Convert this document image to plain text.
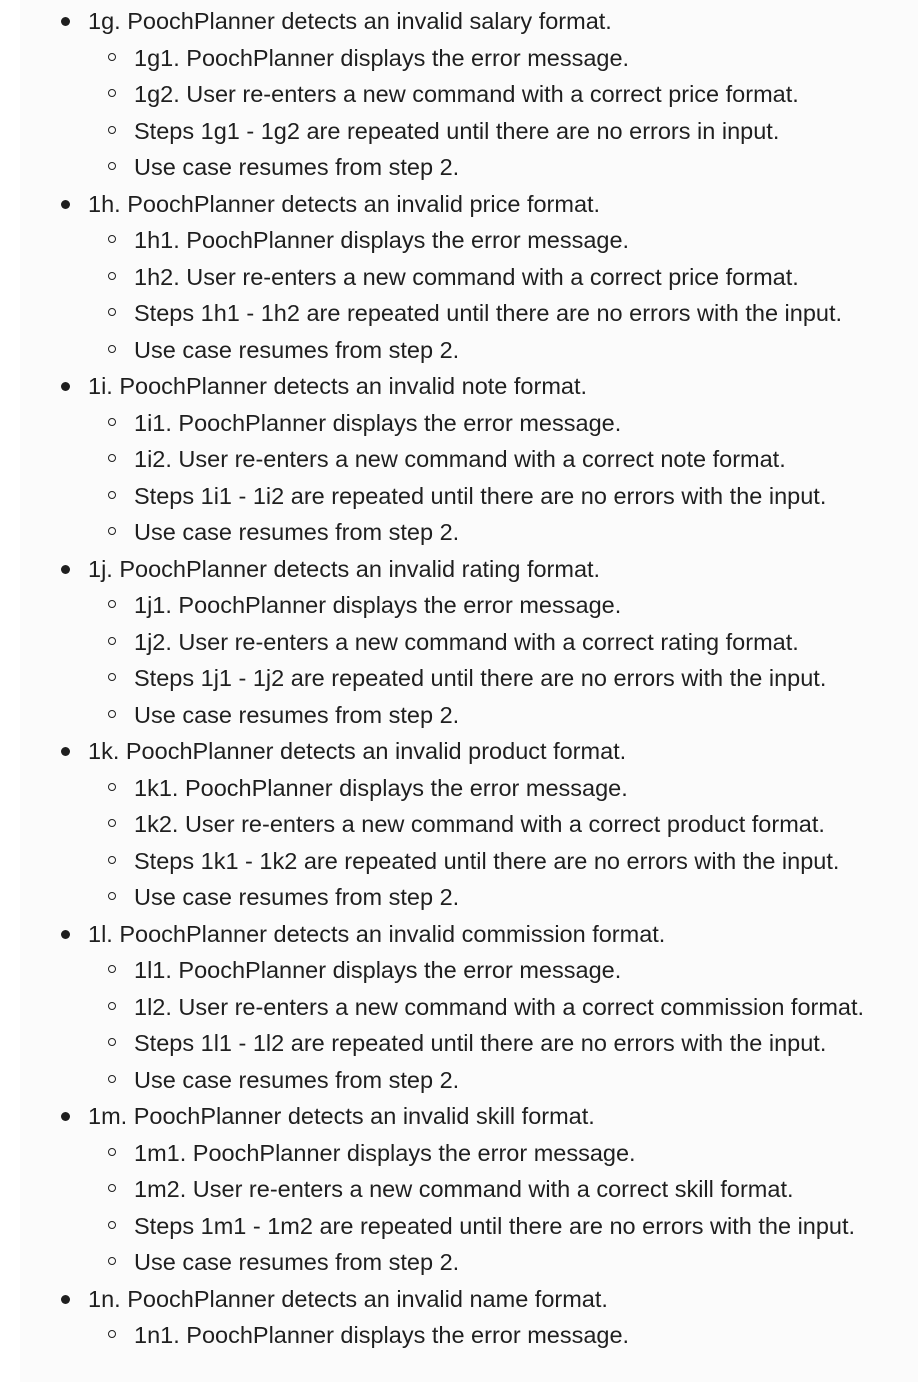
1g. PoochPlanner detects an invalid salary format.
1g1. PoochPlanner displays the error message.
1g2. User re-enters a new command with a correct price format.
Steps 1g1 - 1g2 are repeated until there are no errors in input.
Use case resumes from step 2.
1h. PoochPlanner detects an invalid price format.
1h1. PoochPlanner displays the error message.
1h2. User re-enters a new command with a correct price format.
Steps 1h1 - 1h2 are repeated until there are no errors with the input.
Use case resumes from step 2.
1i. PoochPlanner detects an invalid note format.
1i1. PoochPlanner displays the error message.
1i2. User re-enters a new command with a correct note format.
Steps 1i1 - 1i2 are repeated until there are no errors with the input.
Use case resumes from step 2.
1j. PoochPlanner detects an invalid rating format.
1j1. PoochPlanner displays the error message.
1j2. User re-enters a new command with a correct rating format.
Steps 1j1 - 1j2 are repeated until there are no errors with the input.
Use case resumes from step 2.
1k. PoochPlanner detects an invalid product format.
1k1. PoochPlanner displays the error message.
1k2. User re-enters a new command with a correct product format.
Steps 1k1 - 1k2 are repeated until there are no errors with the input.
Use case resumes from step 2.
1l. PoochPlanner detects an invalid commission format.
1l1. PoochPlanner displays the error message.
1l2. User re-enters a new command with a correct commission format.
Steps 1l1 - 1l2 are repeated until there are no errors with the input.
Use case resumes from step 2.
1m. PoochPlanner detects an invalid skill format.
1m1. PoochPlanner displays the error message.
1m2. User re-enters a new command with a correct skill format.
Steps 1m1 - 1m2 are repeated until there are no errors with the input.
Use case resumes from step 2.
1n. PoochPlanner detects an invalid name format.
1n1. PoochPlanner displays the error message.
